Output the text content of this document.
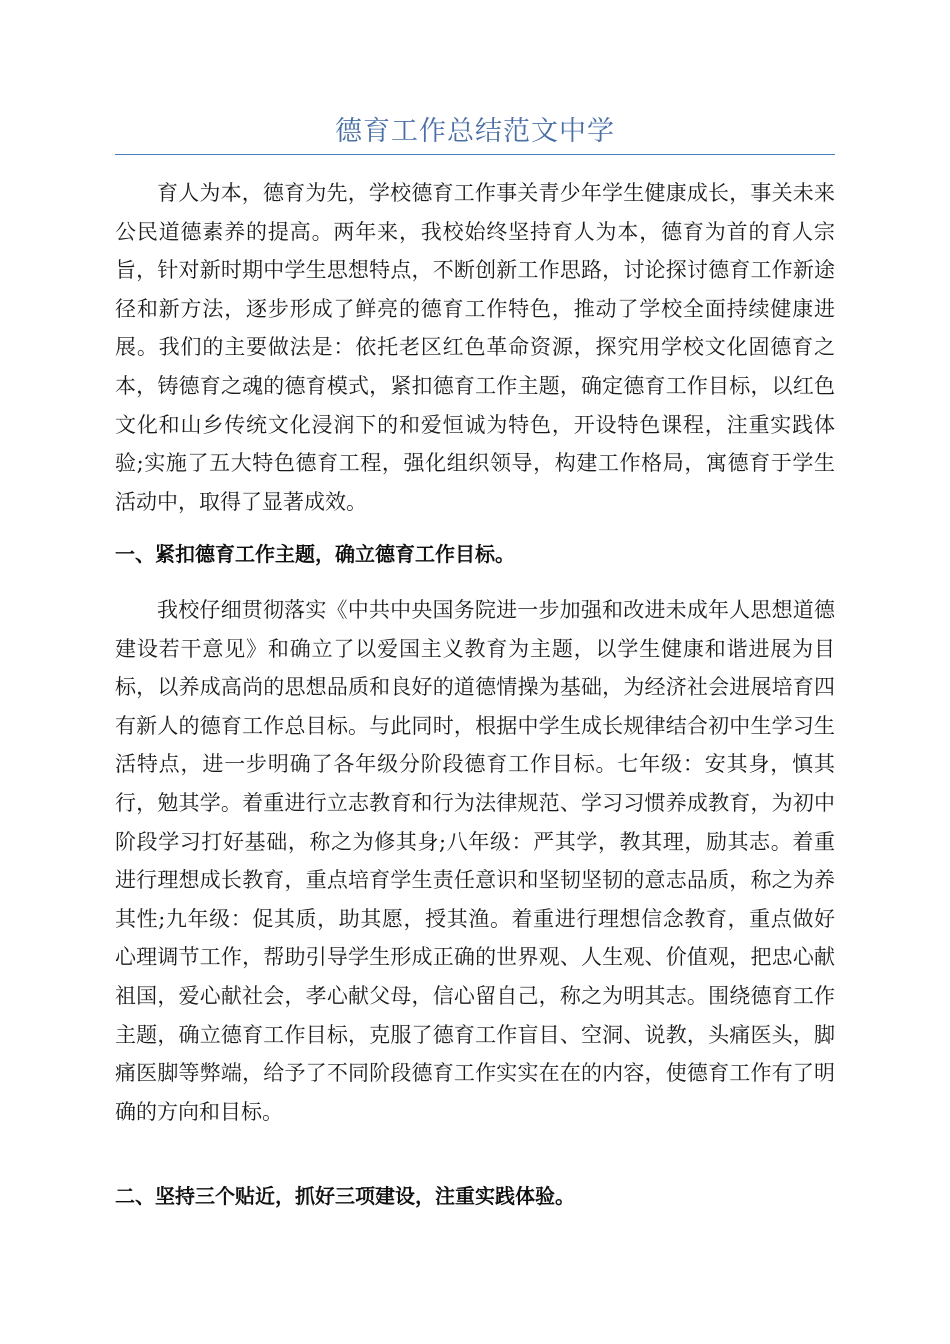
德育工作总结范文中学

育人为本，德育为先，学校德育工作事关青少年学生健康成长，事关未来公民道德素养的提高。两年来，我校始终坚持育人为本，德育为首的育人宗旨，针对新时期中学生思想特点，不断创新工作思路，讨论探讨德育工作新途径和新方法，逐步形成了鲜亮的德育工作特色，推动了学校全面持续健康进展。我们的主要做法是：依托老区红色革命资源，探究用学校文化固德育之本，铸德育之魂的德育模式，紧扣德育工作主题，确定德育工作目标，以红色文化和山乡传统文化浸润下的和爱恒诚为特色，开设特色课程，注重实践体验;实施了五大特色德育工程，强化组织领导，构建工作格局，寓德育于学生活动中，取得了显著成效。

一、紧扣德育工作主题，确立德育工作目标。

我校仔细贯彻落实《中共中央国务院进一步加强和改进未成年人思想道德建设若干意见》和确立了以爱国主义教育为主题，以学生健康和谐进展为目标，以养成高尚的思想品质和良好的道德情操为基础，为经济社会进展培育四有新人的德育工作总目标。与此同时，根据中学生成长规律结合初中生学习生活特点，进一步明确了各年级分阶段德育工作目标。七年级：安其身，慎其行，勉其学。着重进行立志教育和行为法律规范、学习习惯养成教育，为初中阶段学习打好基础，称之为修其身;八年级：严其学，教其理，励其志。着重进行理想成长教育，重点培育学生责任意识和坚韧坚韧的意志品质，称之为养其性;九年级：促其质，助其愿，授其渔。着重进行理想信念教育，重点做好心理调节工作，帮助引导学生形成正确的世界观、人生观、价值观，把忠心献祖国，爱心献社会，孝心献父母，信心留自己，称之为明其志。围绕德育工作主题，确立德育工作目标，克服了德育工作盲目、空洞、说教，头痛医头，脚痛医脚等弊端，给予了不同阶段德育工作实实在在的内容，使德育工作有了明确的方向和目标。

二、坚持三个贴近，抓好三项建设，注重实践体验。
